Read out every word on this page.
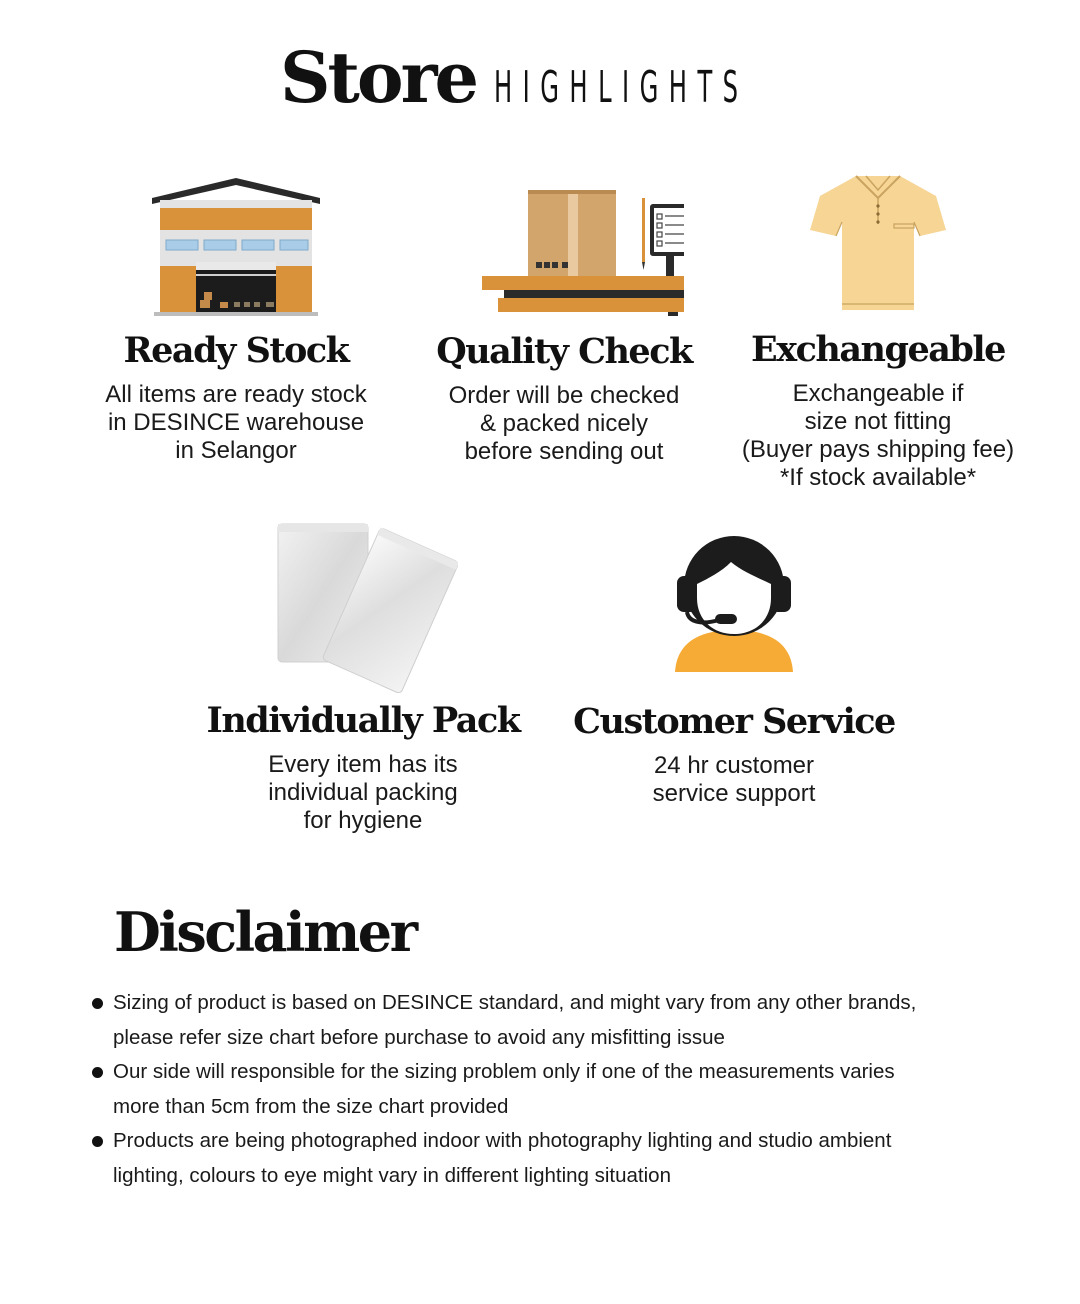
Store HIGHLIGHTS
Ready Stock
All items are ready stock
in DESINCE warehouse
in Selangor
Quality Check
Order will be checked
& packed nicely
before sending out
Exchangeable
Exchangeable if
size not fitting
(Buyer pays shipping fee)
*If stock available*
Individually Pack
Every item has its
individual packing
for hygiene
Customer Service
24 hr customer
service support
Disclaimer
Sizing of product is based on DESINCE standard, and might vary from any other brands,
please refer size chart before purchase to avoid any misfitting issue
Our side will responsible for the sizing problem only if one of the measurements varies
more than 5cm from the size chart provided
Products are being photographed indoor with photography lighting and studio ambient
lighting, colours to eye might vary in different lighting situation
